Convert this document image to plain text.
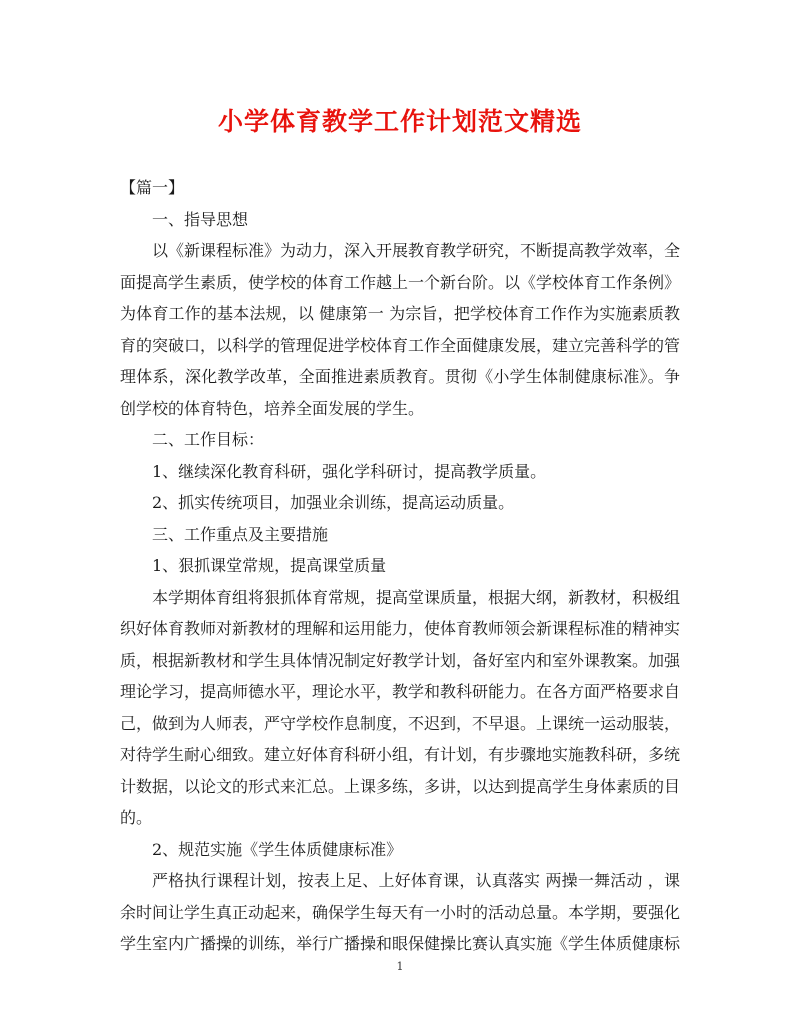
小学体育教学工作计划范文精选

【篇一】

一、指导思想

以《新课程标准》为动力，深入开展教育教学研究，不断提高教学效率，全面提高学生素质，使学校的体育工作越上一个新台阶。以《学校体育工作条例》为体育工作的基本法规，以 健康第一 为宗旨，把学校体育工作作为实施素质教育的突破口，以科学的管理促进学校体育工作全面健康发展，建立完善科学的管理体系，深化教学改革，全面推进素质教育。贯彻《小学生体制健康标准》。争创学校的体育特色，培养全面发展的学生。

二、工作目标：

1、继续深化教育科研，强化学科研讨，提高教学质量。

2、抓实传统项目，加强业余训练，提高运动质量。

三、工作重点及主要措施

1、狠抓课堂常规，提高课堂质量

本学期体育组将狠抓体育常规，提高堂课质量，根据大纲，新教材，积极组织好体育教师对新教材的理解和运用能力，使体育教师领会新课程标准的精神实质，根据新教材和学生具体情况制定好教学计划，备好室内和室外课教案。加强理论学习，提高师德水平，理论水平，教学和教科研能力。在各方面严格要求自己，做到为人师表，严守学校作息制度，不迟到，不早退。上课统一运动服装，对待学生耐心细致。建立好体育科研小组，有计划，有步骤地实施教科研，多统计数据，以论文的形式来汇总。上课多练，多讲，以达到提高学生身体素质的目的。

2、规范实施《学生体质健康标准》

严格执行课程计划，按表上足、上好体育课，认真落实 两操一舞活动 ，课余时间让学生真正动起来，确保学生每天有一小时的活动总量。本学期，要强化学生室内广播操的训练，举行广播操和眼保健操比赛认真实施《学生体质健康标

1
